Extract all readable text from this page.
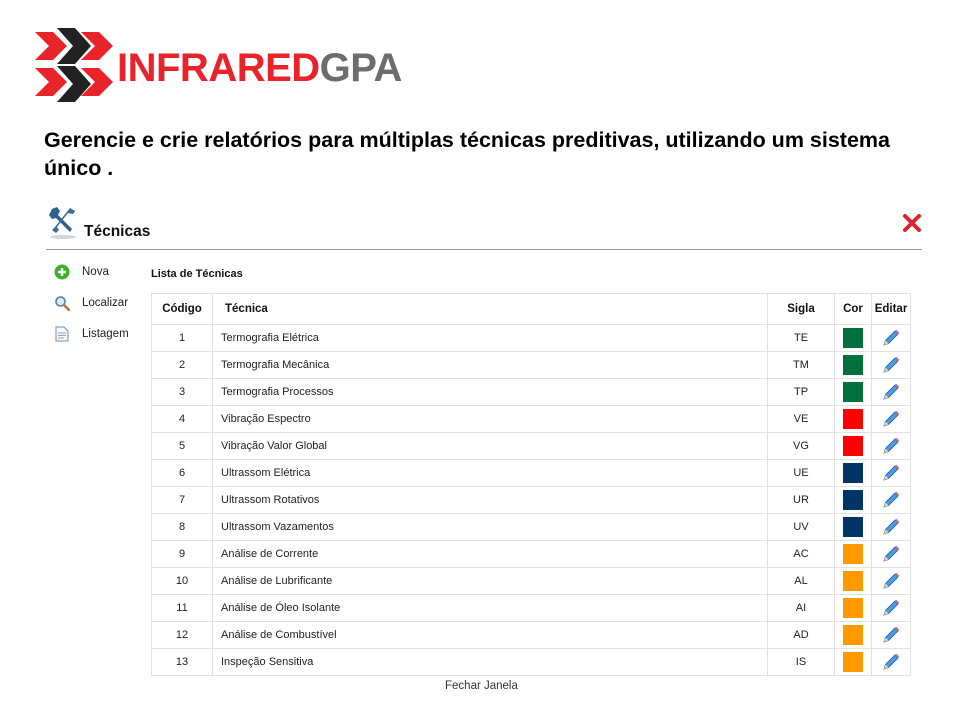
INFRAREDGPA
Gerencie e crie relatórios para múltiplas técnicas preditivas, utilizando um sistema único .
Técnicas
Nova
Localizar
Listagem
Lista de Técnicas
Código	Técnica	Sigla	Cor	Editar
1	Termografia Elétrica	TE		
2	Termografia Mecânica	TM		
3	Termografia Processos	TP		
4	Vibração Espectro	VE		
5	Vibração Valor Global	VG		
6	Ultrassom Elétrica	UE		
7	Ultrassom Rotativos	UR		
8	Ultrassom Vazamentos	UV		
9	Análise de Corrente	AC		
10	Análise de Lubrificante	AL		
11	Análise de Óleo Isolante	AI		
12	Análise de Combustível	AD		
13	Inspeção Sensitiva	IS		
Fechar Janela
